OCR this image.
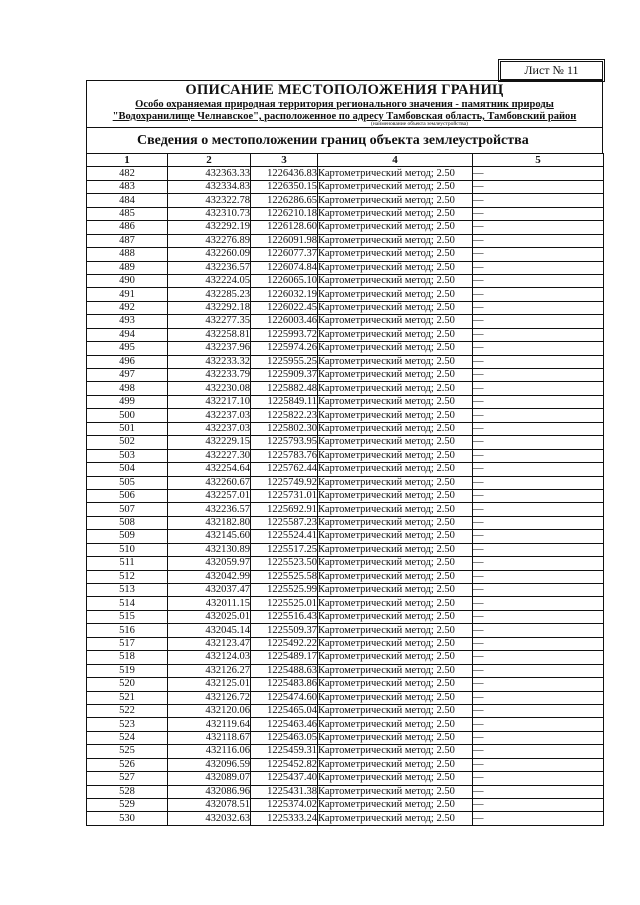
Лист № 11
ОПИСАНИЕ МЕСТОПОЛОЖЕНИЯ ГРАНИЦ
Особо охраняемая природная территория регионального значения - памятник природы
"Водохранилище Челнавское", расположенное по адресу Тамбовская область, Тамбовский район
(наименование объекта землеустройства)
Сведения о местоположении границ объекта землеустройства
1	2	3	4	5
482	432363.33	1226436.83	Картометрический метод; 2.50	—
483	432334.83	1226350.15	Картометрический метод; 2.50	—
484	432322.78	1226286.65	Картометрический метод; 2.50	—
485	432310.73	1226210.18	Картометрический метод; 2.50	—
486	432292.19	1226128.60	Картометрический метод; 2.50	—
487	432276.89	1226091.98	Картометрический метод; 2.50	—
488	432260.09	1226077.37	Картометрический метод; 2.50	—
489	432236.57	1226074.84	Картометрический метод; 2.50	—
490	432224.05	1226065.10	Картометрический метод; 2.50	—
491	432285.23	1226032.19	Картометрический метод; 2.50	—
492	432292.18	1226022.45	Картометрический метод; 2.50	—
493	432277.35	1226003.46	Картометрический метод; 2.50	—
494	432258.81	1225993.72	Картометрический метод; 2.50	—
495	432237.96	1225974.26	Картометрический метод; 2.50	—
496	432233.32	1225955.25	Картометрический метод; 2.50	—
497	432233.79	1225909.37	Картометрический метод; 2.50	—
498	432230.08	1225882.48	Картометрический метод; 2.50	—
499	432217.10	1225849.11	Картометрический метод; 2.50	—
500	432237.03	1225822.23	Картометрический метод; 2.50	—
501	432237.03	1225802.30	Картометрический метод; 2.50	—
502	432229.15	1225793.95	Картометрический метод; 2.50	—
503	432227.30	1225783.76	Картометрический метод; 2.50	—
504	432254.64	1225762.44	Картометрический метод; 2.50	—
505	432260.67	1225749.92	Картометрический метод; 2.50	—
506	432257.01	1225731.01	Картометрический метод; 2.50	—
507	432236.57	1225692.91	Картометрический метод; 2.50	—
508	432182.80	1225587.23	Картометрический метод; 2.50	—
509	432145.60	1225524.41	Картометрический метод; 2.50	—
510	432130.89	1225517.25	Картометрический метод; 2.50	—
511	432059.97	1225523.50	Картометрический метод; 2.50	—
512	432042.99	1225525.58	Картометрический метод; 2.50	—
513	432037.47	1225525.99	Картометрический метод; 2.50	—
514	432011.15	1225525.01	Картометрический метод; 2.50	—
515	432025.01	1225516.43	Картометрический метод; 2.50	—
516	432045.14	1225509.37	Картометрический метод; 2.50	—
517	432123.47	1225492.22	Картометрический метод; 2.50	—
518	432124.03	1225489.17	Картометрический метод; 2.50	—
519	432126.27	1225488.63	Картометрический метод; 2.50	—
520	432125.01	1225483.86	Картометрический метод; 2.50	—
521	432126.72	1225474.60	Картометрический метод; 2.50	—
522	432120.06	1225465.04	Картометрический метод; 2.50	—
523	432119.64	1225463.46	Картометрический метод; 2.50	—
524	432118.67	1225463.05	Картометрический метод; 2.50	—
525	432116.06	1225459.31	Картометрический метод; 2.50	—
526	432096.59	1225452.82	Картометрический метод; 2.50	—
527	432089.07	1225437.40	Картометрический метод; 2.50	—
528	432086.96	1225431.38	Картометрический метод; 2.50	—
529	432078.51	1225374.02	Картометрический метод; 2.50	—
530	432032.63	1225333.24	Картометрический метод; 2.50	—
